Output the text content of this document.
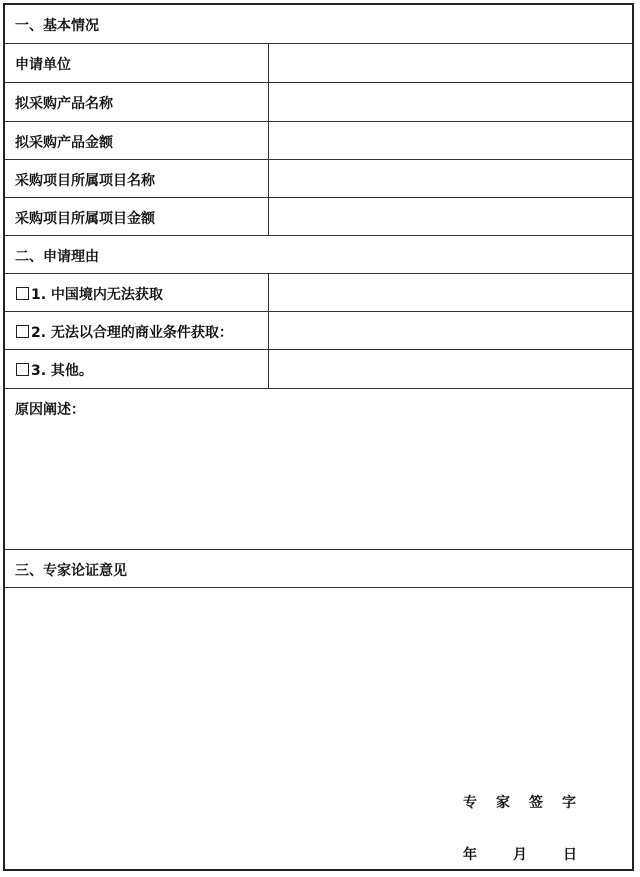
一、基本情况
申请单位
拟采购产品名称
拟采购产品金额
采购项目所属项目名称
采购项目所属项目金额
二、申请理由
1. 中国境内无法获取
2. 无法以合理的商业条件获取：
3. 其他。
原因阐述：
三、专家论证意见
专 家 签 字
年	月	日
